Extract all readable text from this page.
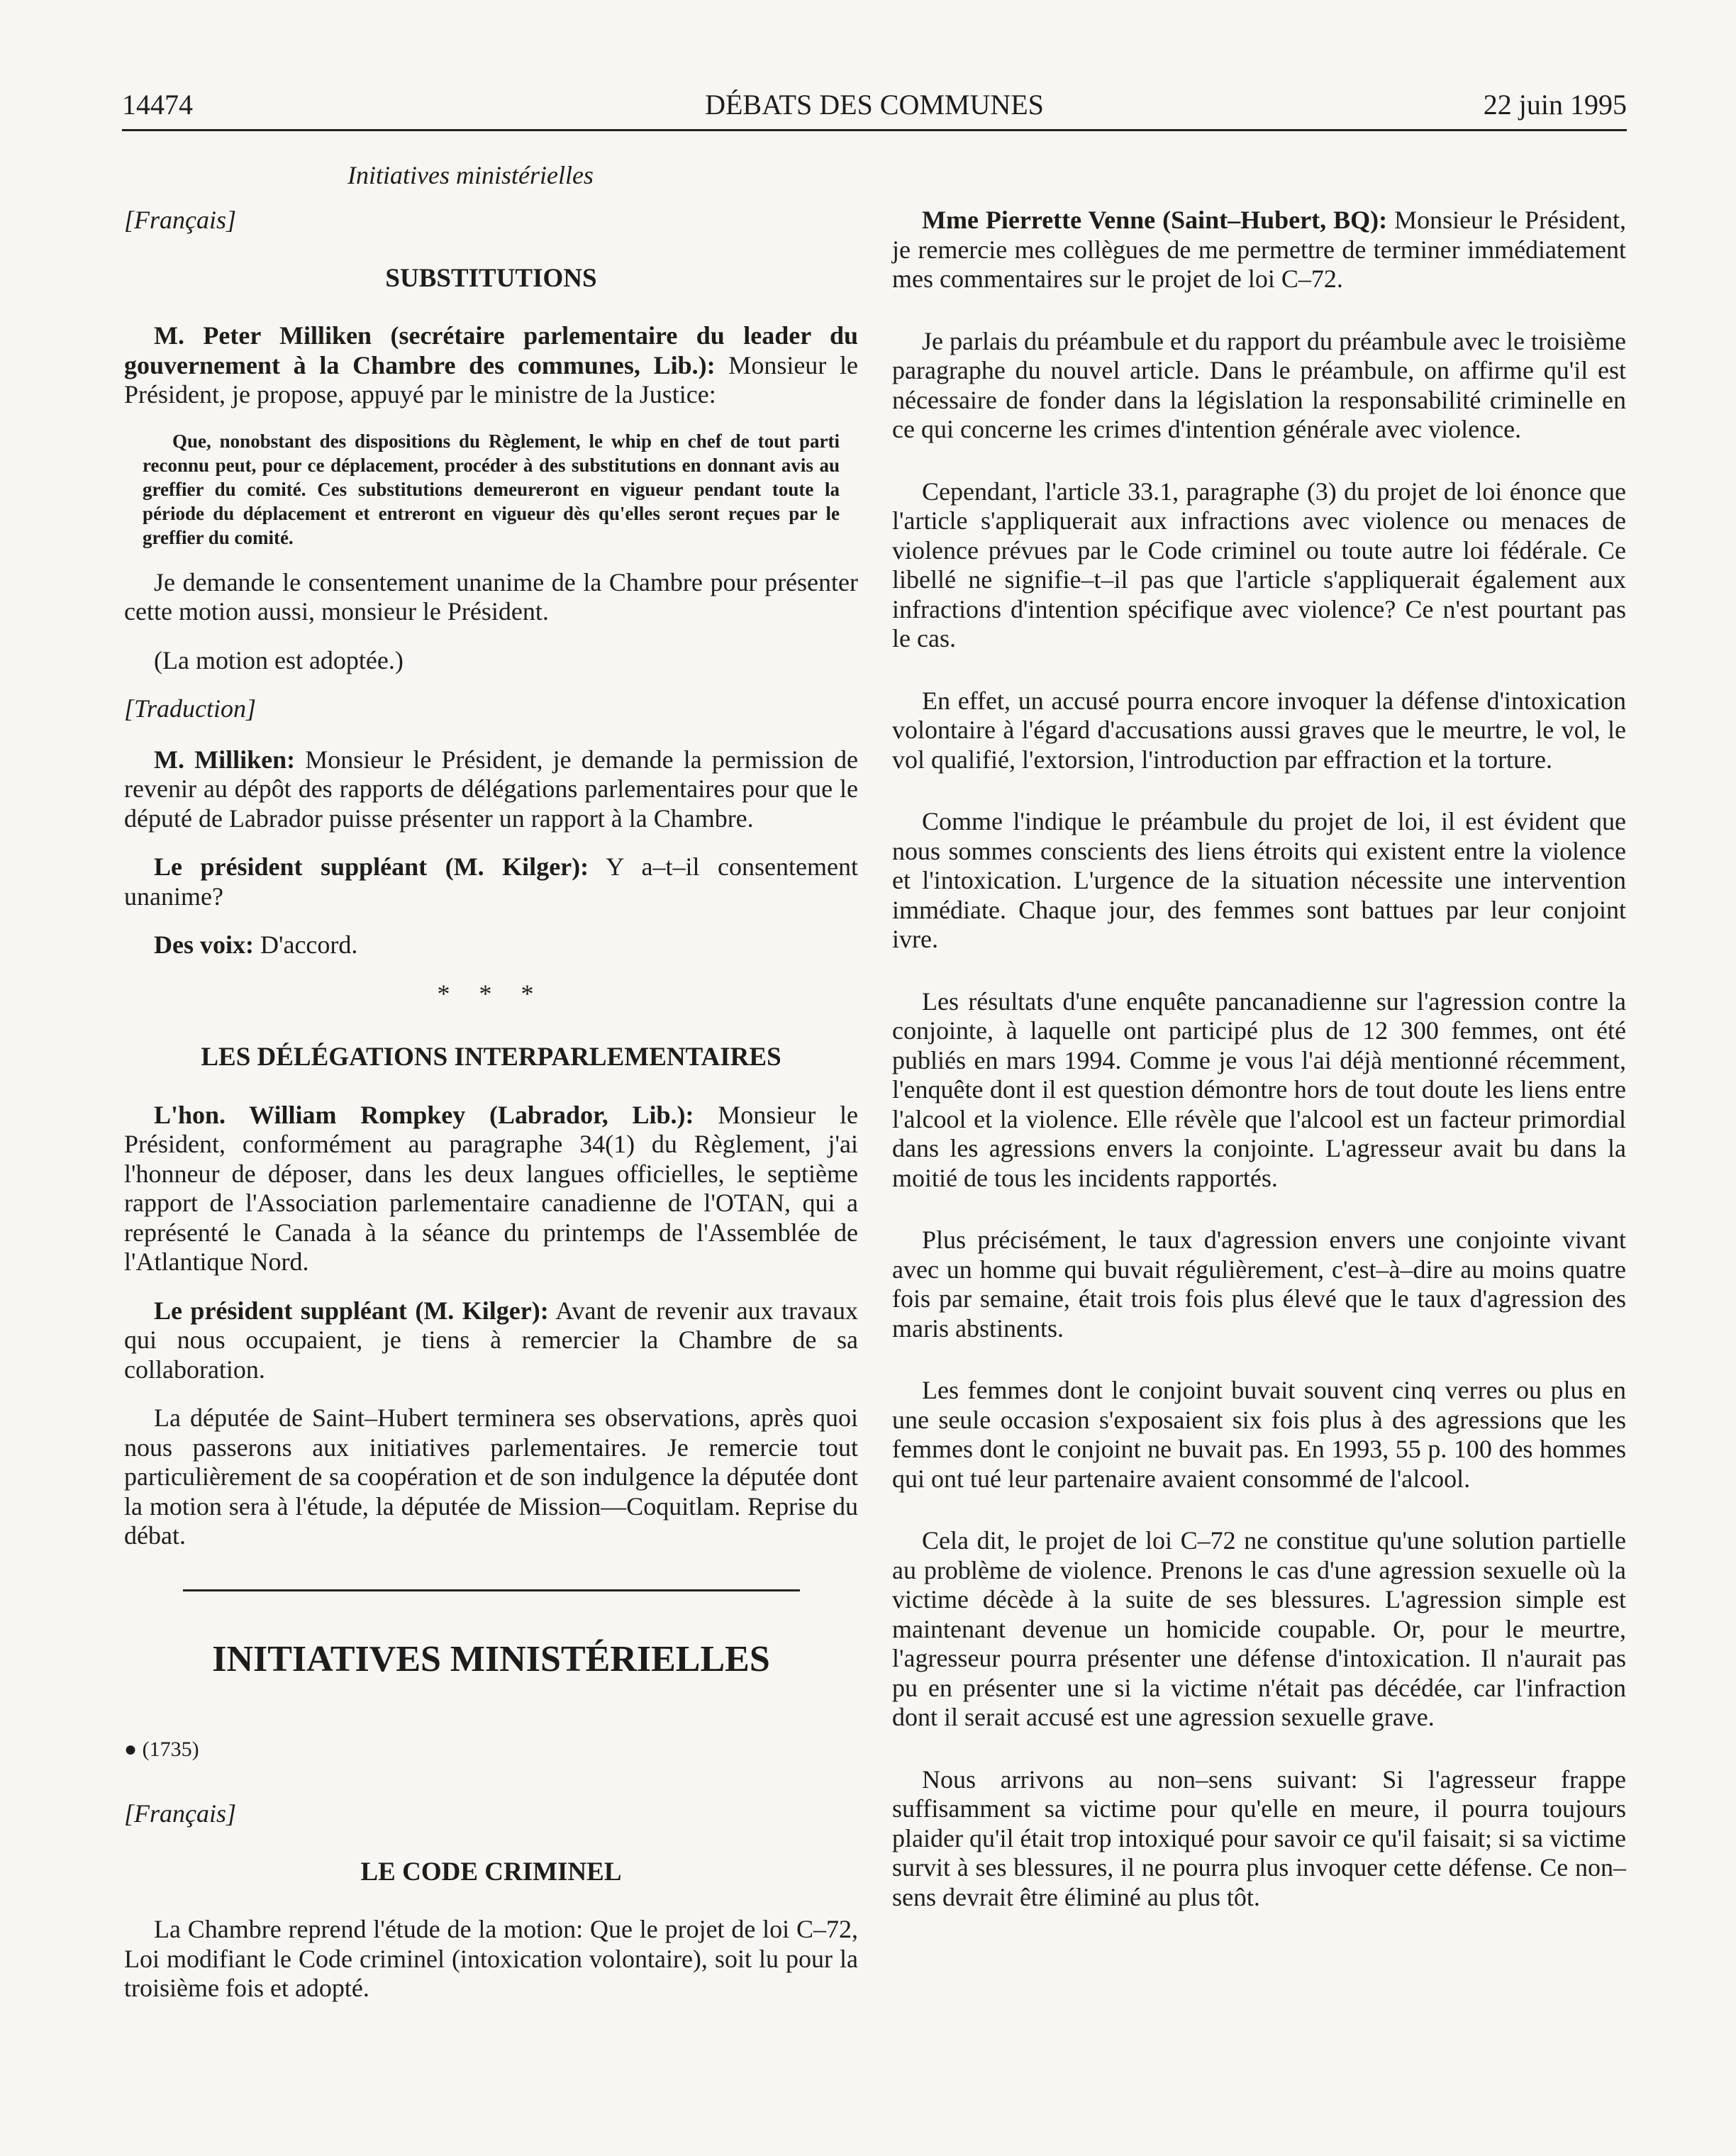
14474	DÉBATS DES COMMUNES	22 juin 1995
Initiatives ministérielles

[Français]

SUBSTITUTIONS

M. Peter Milliken (secrétaire parlementaire du leader du gouvernement à la Chambre des communes, Lib.): Monsieur le Président, je propose, appuyé par le ministre de la Justice:

Que, nonobstant des dispositions du Règlement, le whip en chef de tout parti reconnu peut, pour ce déplacement, procéder à des substitutions en donnant avis au greffier du comité. Ces substitutions demeureront en vigueur pendant toute la période du déplacement et entreront en vigueur dès qu'elles seront reçues par le greffier du comité.

Je demande le consentement unanime de la Chambre pour présenter cette motion aussi, monsieur le Président.

(La motion est adoptée.)

[Traduction]

M. Milliken: Monsieur le Président, je demande la permission de revenir au dépôt des rapports de délégations parlementaires pour que le député de Labrador puisse présenter un rapport à la Chambre.

Le président suppléant (M. Kilger): Y a–t–il consentement unanime?

Des voix: D'accord.

* * *
LES DÉLÉGATIONS INTERPARLEMENTAIRES

L'hon. William Rompkey (Labrador, Lib.): Monsieur le Président, conformément au paragraphe 34(1) du Règlement, j'ai l'honneur de déposer, dans les deux langues officielles, le septième rapport de l'Association parlementaire canadienne de l'OTAN, qui a représenté le Canada à la séance du printemps de l'Assemblée de l'Atlantique Nord.

Le président suppléant (M. Kilger): Avant de revenir aux travaux qui nous occupaient, je tiens à remercier la Chambre de sa collaboration.

La députée de Saint–Hubert terminera ses observations, après quoi nous passerons aux initiatives parlementaires. Je remercie tout particulièrement de sa coopération et de son indulgence la députée dont la motion sera à l'étude, la députée de Mission—Coquitlam. Reprise du débat.

INITIATIVES MINISTÉRIELLES
● (1735)

[Français]

LE CODE CRIMINEL

La Chambre reprend l'étude de la motion: Que le projet de loi C–72, Loi modifiant le Code criminel (intoxication volontaire), soit lu pour la troisième fois et adopté.

Mme Pierrette Venne (Saint–Hubert, BQ): Monsieur le Président, je remercie mes collègues de me permettre de terminer immédiatement mes commentaires sur le projet de loi C–72.

Je parlais du préambule et du rapport du préambule avec le troisième paragraphe du nouvel article. Dans le préambule, on affirme qu'il est nécessaire de fonder dans la législation la responsabilité criminelle en ce qui concerne les crimes d'intention générale avec violence.

Cependant, l'article 33.1, paragraphe (3) du projet de loi énonce que l'article s'appliquerait aux infractions avec violence ou menaces de violence prévues par le Code criminel ou toute autre loi fédérale. Ce libellé ne signifie–t–il pas que l'article s'appliquerait également aux infractions d'intention spécifique avec violence? Ce n'est pourtant pas le cas.

En effet, un accusé pourra encore invoquer la défense d'intoxication volontaire à l'égard d'accusations aussi graves que le meurtre, le vol, le vol qualifié, l'extorsion, l'introduction par effraction et la torture.

Comme l'indique le préambule du projet de loi, il est évident que nous sommes conscients des liens étroits qui existent entre la violence et l'intoxication. L'urgence de la situation nécessite une intervention immédiate. Chaque jour, des femmes sont battues par leur conjoint ivre.

Les résultats d'une enquête pancanadienne sur l'agression contre la conjointe, à laquelle ont participé plus de 12 300 femmes, ont été publiés en mars 1994. Comme je vous l'ai déjà mentionné récemment, l'enquête dont il est question démontre hors de tout doute les liens entre l'alcool et la violence. Elle révèle que l'alcool est un facteur primordial dans les agressions envers la conjointe. L'agresseur avait bu dans la moitié de tous les incidents rapportés.

Plus précisément, le taux d'agression envers une conjointe vivant avec un homme qui buvait régulièrement, c'est–à–dire au moins quatre fois par semaine, était trois fois plus élevé que le taux d'agression des maris abstinents.

Les femmes dont le conjoint buvait souvent cinq verres ou plus en une seule occasion s'exposaient six fois plus à des agressions que les femmes dont le conjoint ne buvait pas. En 1993, 55 p. 100 des hommes qui ont tué leur partenaire avaient consommé de l'alcool.

Cela dit, le projet de loi C–72 ne constitue qu'une solution partielle au problème de violence. Prenons le cas d'une agression sexuelle où la victime décède à la suite de ses blessures. L'agression simple est maintenant devenue un homicide coupable. Or, pour le meurtre, l'agresseur pourra présenter une défense d'intoxication. Il n'aurait pas pu en présenter une si la victime n'était pas décédée, car l'infraction dont il serait accusé est une agression sexuelle grave.

Nous arrivons au non–sens suivant: Si l'agresseur frappe suffisamment sa victime pour qu'elle en meure, il pourra toujours plaider qu'il était trop intoxiqué pour savoir ce qu'il faisait; si sa victime survit à ses blessures, il ne pourra plus invoquer cette défense. Ce non–sens devrait être éliminé au plus tôt.
